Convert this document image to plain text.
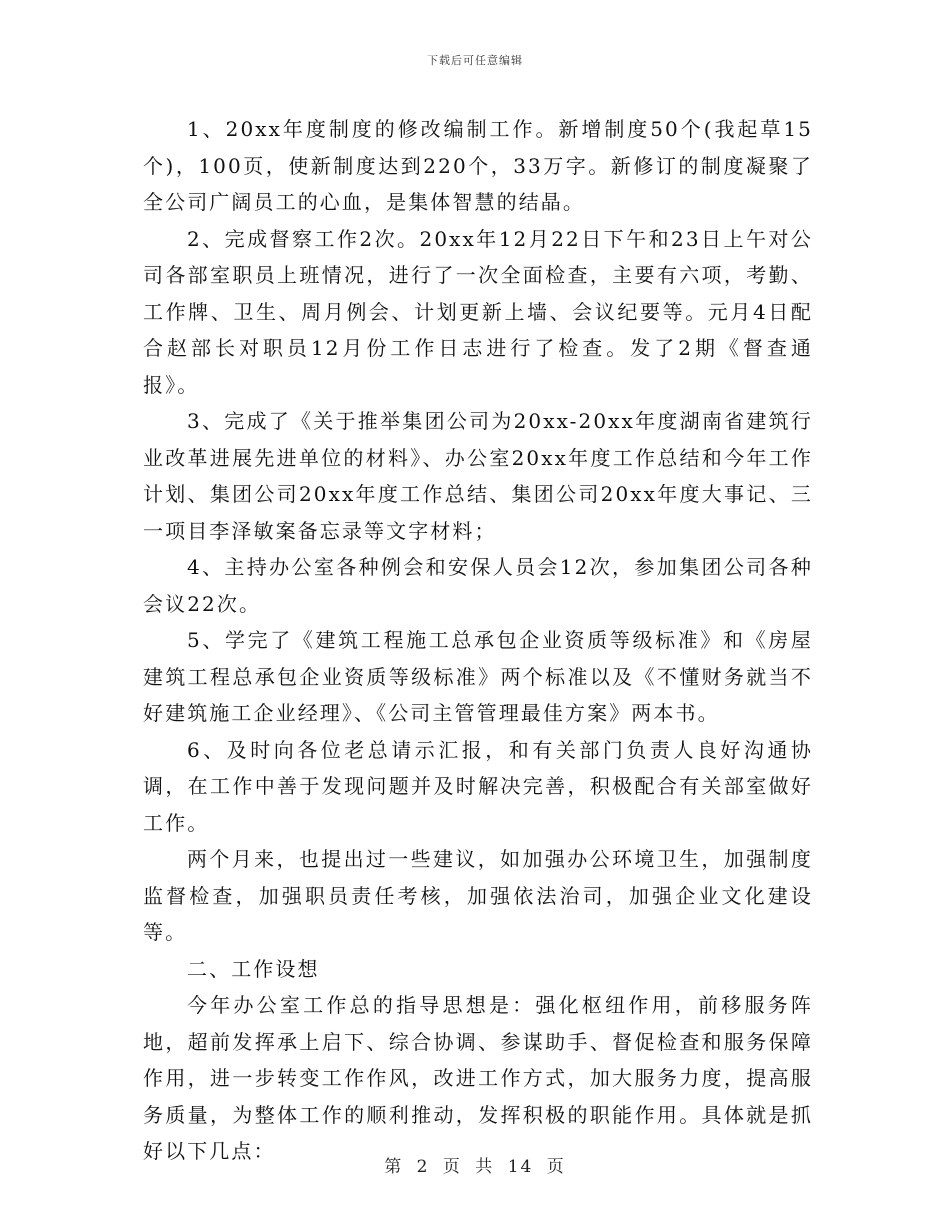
下载后可任意编辑

1、20xx年度制度的修改编制工作。新增制度50个(我起草15个)，100页，使新制度达到220个，33万字。新修订的制度凝聚了全公司广阔员工的心血，是集体智慧的结晶。

2、完成督察工作2次。20xx年12月22日下午和23日上午对公司各部室职员上班情况，进行了一次全面检查，主要有六项，考勤、工作牌、卫生、周月例会、计划更新上墙、会议纪要等。元月4日配合赵部长对职员12月份工作日志进行了检查。发了2期《督查通报》。

3、完成了《关于推举集团公司为20xx-20xx年度湖南省建筑行业改革进展先进单位的材料》、办公室20xx年度工作总结和今年工作计划、集团公司20xx年度工作总结、集团公司20xx年度大事记、三一项目李泽敏案备忘录等文字材料；

4、主持办公室各种例会和安保人员会12次，参加集团公司各种会议22次。

5、学完了《建筑工程施工总承包企业资质等级标准》和《房屋建筑工程总承包企业资质等级标准》两个标准以及《不懂财务就当不好建筑施工企业经理》、《公司主管管理最佳方案》两本书。

6、及时向各位老总请示汇报，和有关部门负责人良好沟通协调，在工作中善于发现问题并及时解决完善，积极配合有关部室做好工作。

两个月来，也提出过一些建议，如加强办公环境卫生，加强制度监督检查，加强职员责任考核，加强依法治司，加强企业文化建设等。

二、工作设想

今年办公室工作总的指导思想是：强化枢纽作用，前移服务阵地，超前发挥承上启下、综合协调、参谋助手、督促检查和服务保障作用，进一步转变工作作风，改进工作方式，加大服务力度，提高服务质量，为整体工作的顺利推动，发挥积极的职能作用。具体就是抓好以下几点：

第 2 页 共 14 页
